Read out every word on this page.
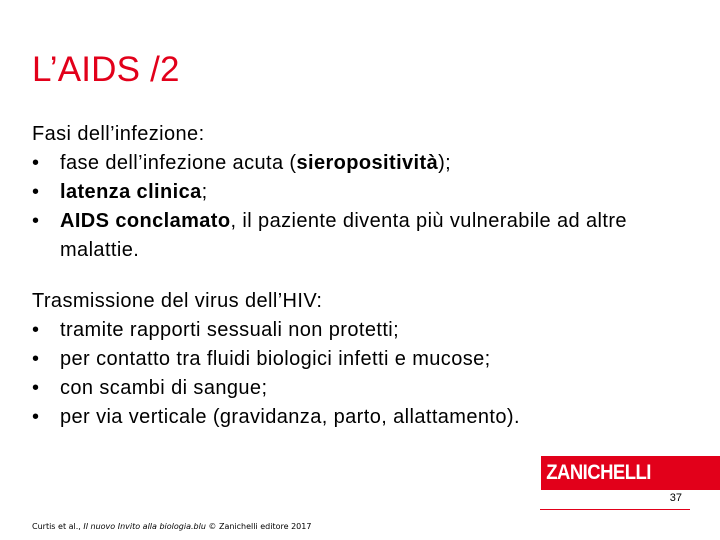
L’AIDS /2
Fasi dell’infezione:
• fase dell’infezione acuta (sieropositività);
• latenza clinica;
• AIDS conclamato, il paziente diventa più vulnerabile ad altre malattie.
Trasmissione del virus dell’HIV:
• tramite rapporti sessuali non protetti;
• per contatto tra fluidi biologici infetti e mucose;
• con scambi di sangue;
• per via verticale (gravidanza, parto, allattamento).
ZANICHELLI
37
Curtis et al., Il nuovo Invito alla biologia.blu © Zanichelli editore 2017
